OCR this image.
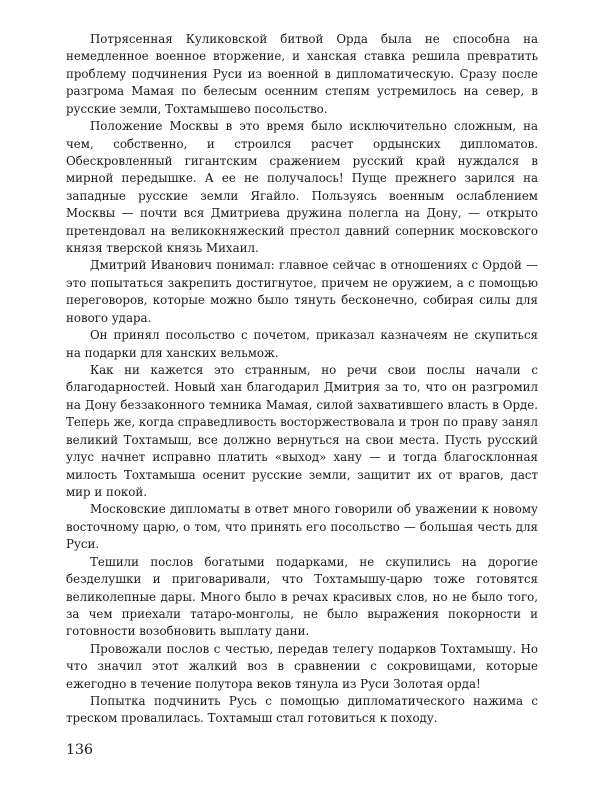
Потрясенная Куликовской битвой Орда была не способна на немедленное военное вторжение, и ханская ставка решила превратить проблему подчинения Руси из военной в дипломатическую. Сразу после разгрома Мамая по белесым осенним степям устремилось на север, в русские земли, Тохтамышево посольство.

Положение Москвы в это время было исключительно сложным, на чем, собственно, и строился расчет ордынских дипломатов. Обескровленный гигантским сражением русский край нуждался в мирной передышке. А ее не получалось! Пуще прежнего зарился на западные русские земли Ягайло. Пользуясь военным ослаблением Москвы — почти вся Дмитриева дружина полегла на Дону, — открыто претендовал на великокняжеский престол давний соперник московского князя тверской князь Михаил.

Дмитрий Иванович понимал: главное сейчас в отношениях с Ордой — это попытаться закрепить достигнутое, причем не оружием, а с помощью переговоров, которые можно было тянуть бесконечно, собирая силы для нового удара.

Он принял посольство с почетом, приказал казначеям не скупиться на подарки для ханских вельмож.

Как ни кажется это странным, но речи свои послы начали с благодарностей. Новый хан благодарил Дмитрия за то, что он разгромил на Дону беззаконного темника Мамая, силой захватившего власть в Орде. Теперь же, когда справедливость восторжествовала и трон по праву занял великий Тохтамыш, все должно вернуться на свои места. Пусть русский улус начнет исправно платить «выход» хану — и тогда благосклонная милость Тохтамыша осенит русские земли, защитит их от врагов, даст мир и покой.

Московские дипломаты в ответ много говорили об уважении к новому восточному царю, о том, что принять его посольство — большая честь для Руси.

Тешили послов богатыми подарками, не скупились на дорогие безделушки и приговаривали, что Тохтамышу-царю тоже готовятся великолепные дары. Много было в речах красивых слов, но не было того, за чем приехали татаро-монголы, не было выражения покорности и готовности возобновить выплату дани.

Провожали послов с честью, передав телегу подарков Тохтамышу. Но что значил этот жалкий воз в сравнении с сокровищами, которые ежегодно в течение полутора веков тянула из Руси Золотая орда!

Попытка подчинить Русь с помощью дипломатического нажима с треском провалилась. Тохтамыш стал готовиться к походу.

136
